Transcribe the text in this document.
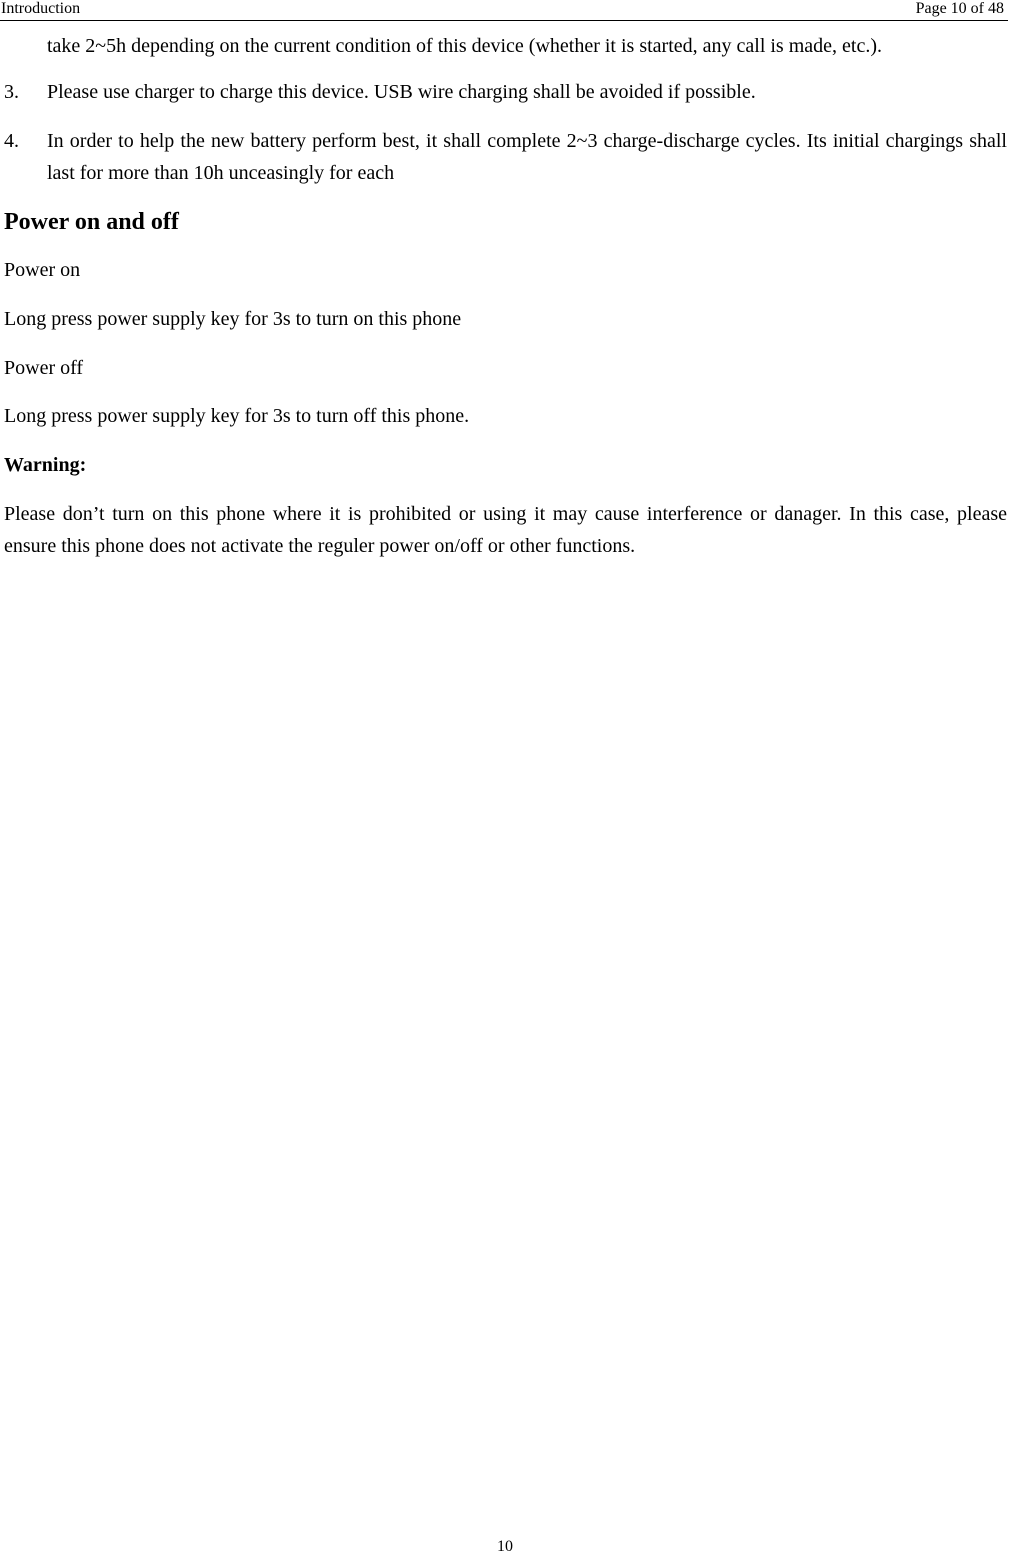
Introduction	Page 10 of 48

take 2~5h depending on the current condition of this device (whether it is started, any call is made, etc.).

3. Please use charger to charge this device. USB wire charging shall be avoided if possible.
4. In order to help the new battery perform best, it shall complete 2~3 charge-discharge cycles. Its initial chargings shall last for more than 10h unceasingly for each
Power on and off

Power on

Long press power supply key for 3s to turn on this phone

Power off

Long press power supply key for 3s to turn off this phone.

Warning:

Please don’t turn on this phone where it is prohibited or using it may cause interference or danager. In this case, please ensure this phone does not activate the reguler power on/off or other functions.

10
